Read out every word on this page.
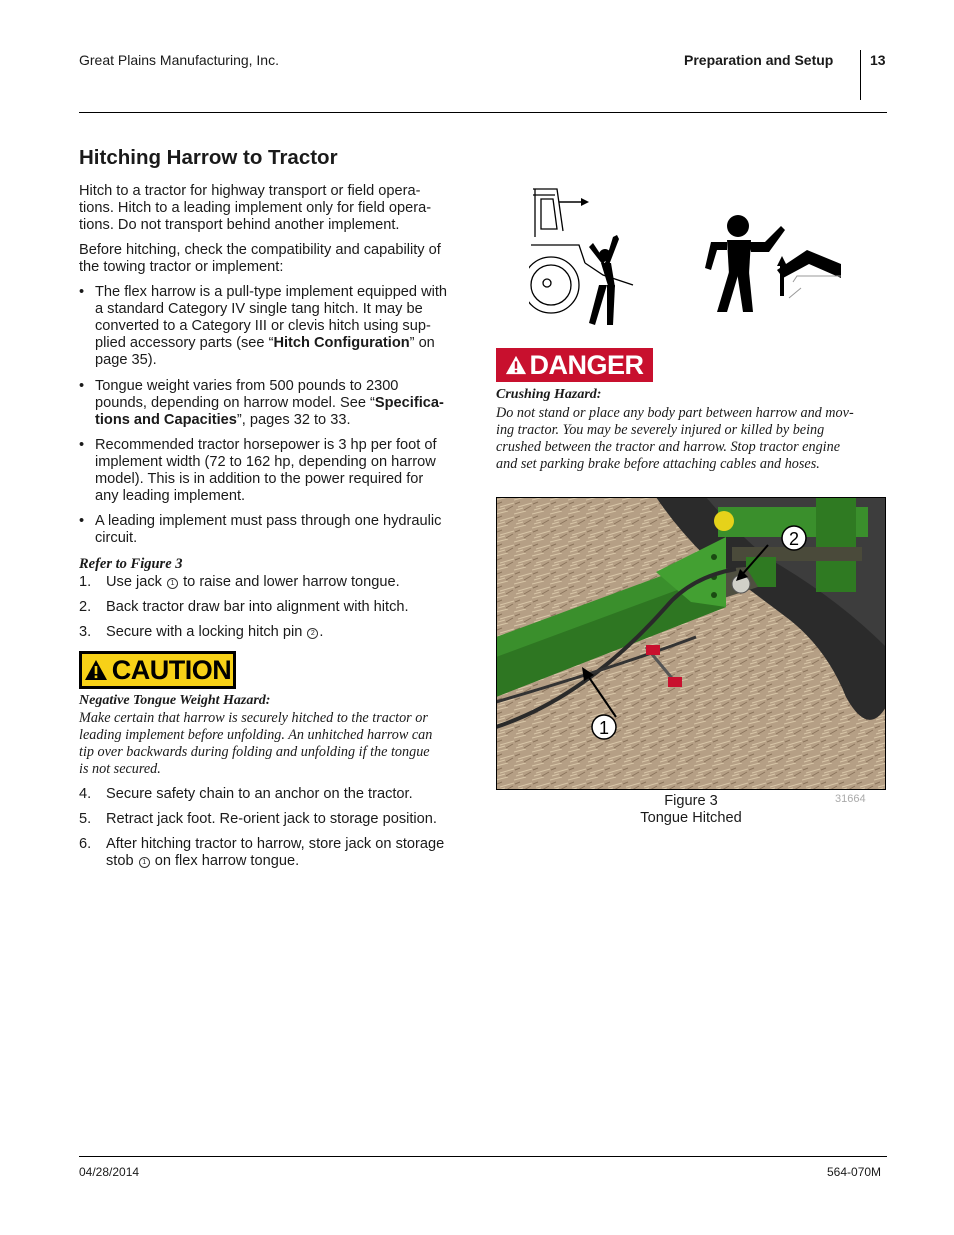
Great Plains Manufacturing, Inc.	Preparation and Setup	13
Hitching Harrow to Tractor
Hitch to a tractor for highway transport or field opera-
tions. Hitch to a leading implement only for field opera-
tions. Do not transport behind another implement.
Before hitching, check the compatibility and capability of
the towing tractor or implement:
• The flex harrow is a pull-type implement equipped with
a standard Category IV single tang hitch. It may be
converted to a Category III or clevis hitch using sup-
plied accessory parts (see “Hitch Configuration” on
page 35).
• Tongue weight varies from 500 pounds to 2300
pounds, depending on harrow model. See “Specifica-
tions and Capacities”, pages 32 to 33.
• Recommended tractor horsepower is 3 hp per foot of
implement width (72 to 162 hp, depending on harrow
model). This is in addition to the power required for
any leading implement.
• A leading implement must pass through one hydraulic
circuit.
Refer to Figure 3
1. Use jack 1 to raise and lower harrow tongue.
2. Back tractor draw bar into alignment with hitch.
3. Secure with a locking hitch pin 2 .
CAUTION
Negative Tongue Weight Hazard:
Make certain that harrow is securely hitched to the tractor or
leading implement before unfolding. An unhitched harrow can
tip over backwards during folding and unfolding if the tongue
is not secured.
4. Secure safety chain to an anchor on the tractor.
5. Retract jack foot. Re-orient jack to storage position.
6. After hitching tractor to harrow, store jack on storage
stob 1 on flex harrow tongue.
DANGER
Crushing Hazard:
Do not stand or place any body part between harrow and mov-
ing tractor. You may be severely injured or killed by being
crushed between the tractor and harrow. Stop tractor engine
and set parking brake before attaching cables and hoses.
1
2
Figure 3
Tongue Hitched
31664
04/28/2014	564-070M
